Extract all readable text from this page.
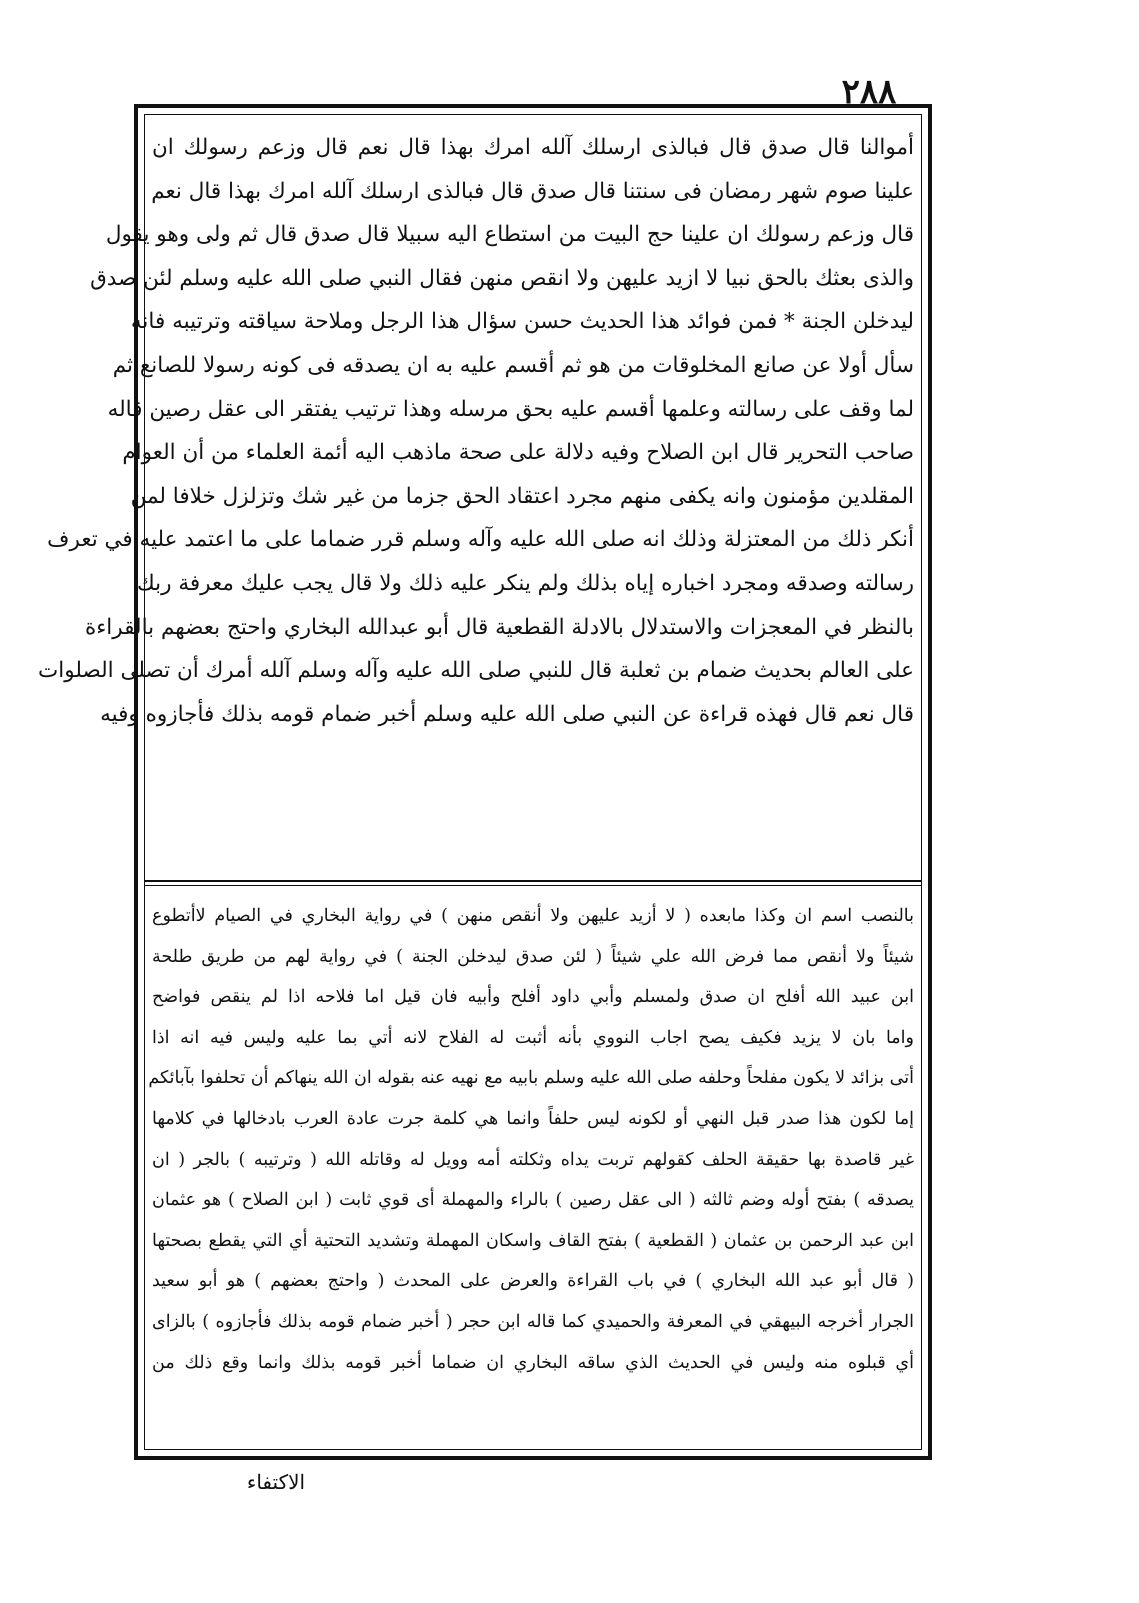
٢٨٨
أموالنا قال صدق قال فبالذى ارسلك آلله امرك بهذا قال نعم قال وزعم رسولك ان
علينا صوم شهر رمضان فى سنتنا قال صدق قال فبالذى ارسلك آلله امرك بهذا قال نعم
قال وزعم رسولك ان علينا حج البيت من استطاع اليه سبيلا قال صدق قال ثم ولى وهو يقول
والذى بعثك بالحق نبيا لا ازيد عليهن ولا انقص منهن فقال النبي صلى الله عليه وسلم لئن صدق
ليدخلن الجنة * فمن فوائد هذا الحديث حسن سؤال هذا الرجل وملاحة سياقته وترتيبه فانه
سأل أولا عن صانع المخلوقات من هو ثم أقسم عليه به ان يصدقه فى كونه رسولا للصانع ثم
لما وقف على رسالته وعلمها أقسم عليه بحق مرسله وهذا ترتيب يفتقر الى عقل رصين قاله
صاحب التحرير قال ابن الصلاح وفيه دلالة على صحة ماذهب اليه أئمة العلماء من أن العوام
المقلدين مؤمنون وانه يكفى منهم مجرد اعتقاد الحق جزما من غير شك وتزلزل خلافا لمن
أنكر ذلك من المعتزلة وذلك انه صلى الله عليه وآله وسلم قرر ضماما على ما اعتمد عليه في تعرف
رسالته وصدقه ومجرد اخباره إياه بذلك ولم ينكر عليه ذلك ولا قال يجب عليك معرفة ربك
بالنظر في المعجزات والاستدلال بالادلة القطعية قال أبو عبدالله البخاري واحتج بعضهم بالقراءة
على العالم بحديث ضمام بن ثعلبة قال للنبي صلى الله عليه وآله وسلم آلله أمرك أن تصلى الصلوات
قال نعم قال فهذه قراءة عن النبي صلى الله عليه وسلم أخبر ضمام قومه بذلك فأجازوه وفيه
بالنصب اسم ان وكذا مابعده ( لا أزيد عليهن ولا أنقص منهن ) في رواية البخاري في الصيام لاأتطوع
شيئاً ولا أنقص مما فرض الله علي شيئاً ( لئن صدق ليدخلن الجنة ) في رواية لهم من طريق طلحة
ابن عبيد الله أفلح ان صدق ولمسلم وأبي داود أفلح وأبيه فان قيل اما فلاحه اذا لم ينقص فواضح
واما بان لا يزيد فكيف يصح اجاب النووي بأنه أثبت له الفلاح لانه أتي بما عليه وليس فيه انه اذا
أتى بزائد لا يكون مفلحاً وحلفه صلى الله عليه وسلم بابيه مع نهيه عنه بقوله ان الله ينهاكم أن تحلفوا بآبائكم
إما لكون هذا صدر قبل النهي أو لكونه ليس حلفاً وانما هي كلمة جرت عادة العرب بادخالها في كلامها
غير قاصدة بها حقيقة الحلف كقولهم تربت يداه وثكلته أمه وويل له وقاتله الله ( وترتيبه ) بالجر ( ان
يصدقه ) بفتح أوله وضم ثالثه ( الى عقل رصين ) بالراء والمهملة أى قوي ثابت ( ابن الصلاح ) هو عثمان
ابن عبد الرحمن بن عثمان ( القطعية ) بفتح القاف واسكان المهملة وتشديد التحتية أي التي يقطع بصحتها
( قال أبو عبد الله البخاري ) في باب القراءة والعرض على المحدث ( واحتج بعضهم ) هو أبو سعيد
الجرار أخرجه البيهقي في المعرفة والحميدي كما قاله ابن حجر ( أخبر ضمام قومه بذلك فأجازوه ) بالزاى
أي قبلوه منه وليس في الحديث الذي ساقه البخاري ان ضماما أخبر قومه بذلك وانما وقع ذلك من
الاكتفاء
